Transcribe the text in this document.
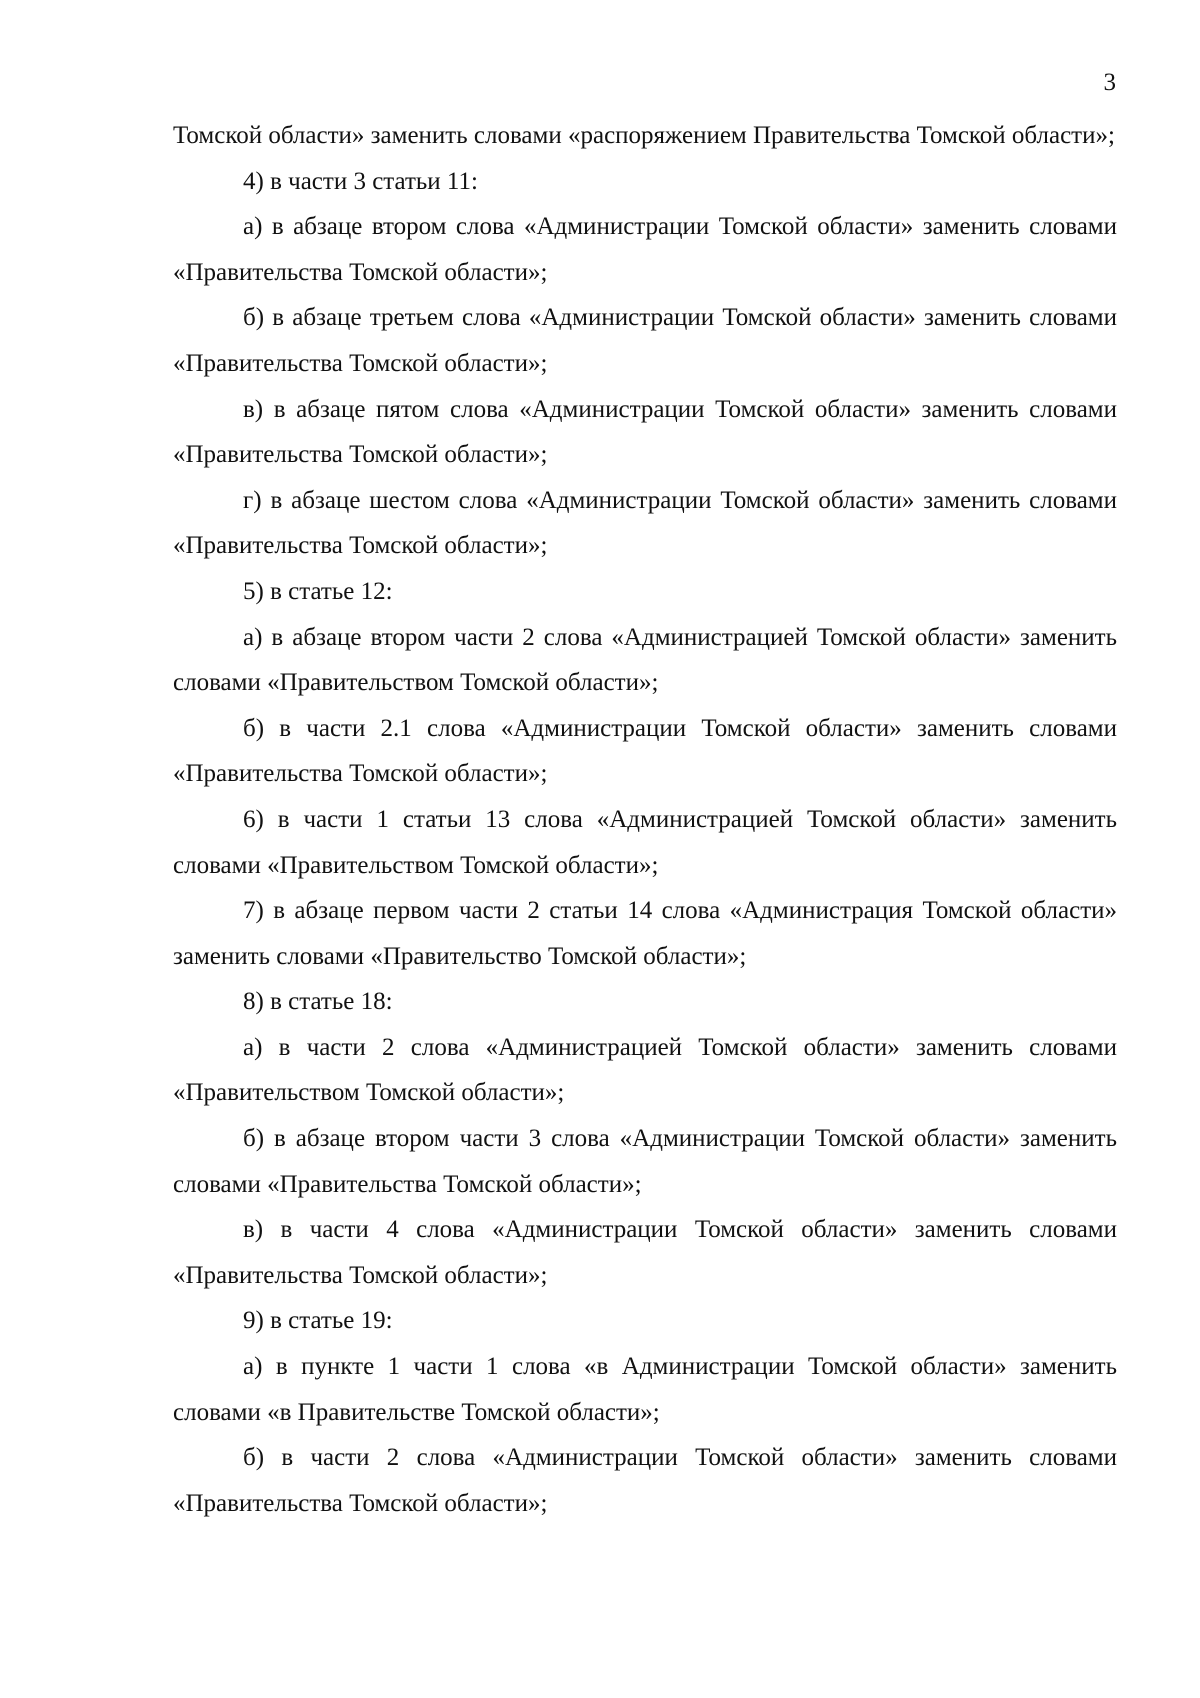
3

Томской области» заменить словами «распоряжением Правительства Томской области»;

4) в части 3 статьи 11:

а) в абзаце втором слова «Администрации Томской области» заменить словами «Правительства Томской области»;

б) в абзаце третьем слова «Администрации Томской области» заменить словами «Правительства Томской области»;

в) в абзаце пятом слова «Администрации Томской области» заменить словами «Правительства Томской области»;

г) в абзаце шестом слова «Администрации Томской области» заменить словами «Правительства Томской области»;

5) в статье 12:

а) в абзаце втором части 2 слова «Администрацией Томской области» заменить словами «Правительством Томской области»;

б) в части 2.1 слова «Администрации Томской области» заменить словами «Правительства Томской области»;

6) в части 1 статьи 13 слова «Администрацией Томской области» заменить словами «Правительством Томской области»;

7) в абзаце первом части 2 статьи 14 слова «Администрация Томской области» заменить словами «Правительство Томской области»;

8) в статье 18:

а) в части 2 слова «Администрацией Томской области» заменить словами «Правительством Томской области»;

б) в абзаце втором части 3 слова «Администрации Томской области» заменить словами «Правительства Томской области»;

в) в части 4 слова «Администрации Томской области» заменить словами «Правительства Томской области»;

9) в статье 19:

а) в пункте 1 части 1 слова «в Администрации Томской области» заменить словами «в Правительстве Томской области»;

б) в части 2 слова «Администрации Томской области» заменить словами «Правительства Томской области»;
